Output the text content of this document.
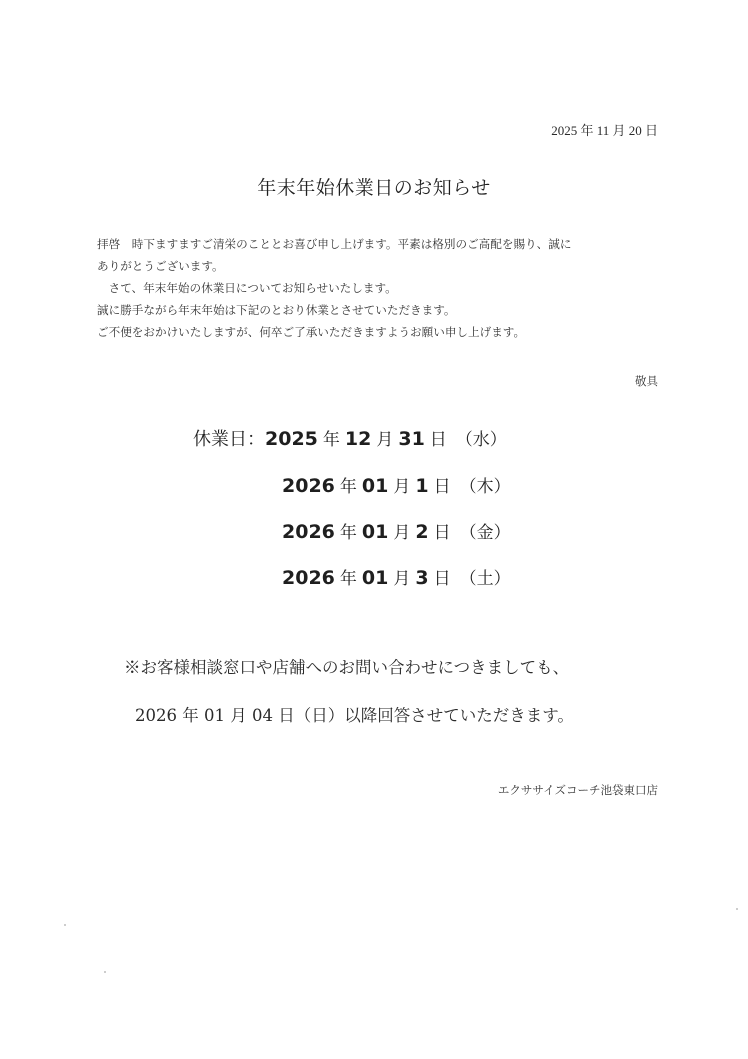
2025 年 11 月 20 日
年末年始休業日のお知らせ
拝啓　時下ますますご清栄のこととお喜び申し上げます。平素は格別のご高配を賜り、誠に
ありがとうございます。
　さて、年末年始の休業日についてお知らせいたします。
誠に勝手ながら年末年始は下記のとおり休業とさせていただきます。
ご不便をおかけいたしますが、何卒ご了承いただきますようお願い申し上げます。
敬具
休業日：2025 年 12 月 31 日 （水）
2026 年 01 月 1 日 （木）
2026 年 01 月 2 日 （金）
2026 年 01 月 3 日 （土）
※お客様相談窓口や店舗へのお問い合わせにつきましても、
2026 年 01 月 04 日（日）以降回答させていただきます。
エクササイズコーチ池袋東口店
